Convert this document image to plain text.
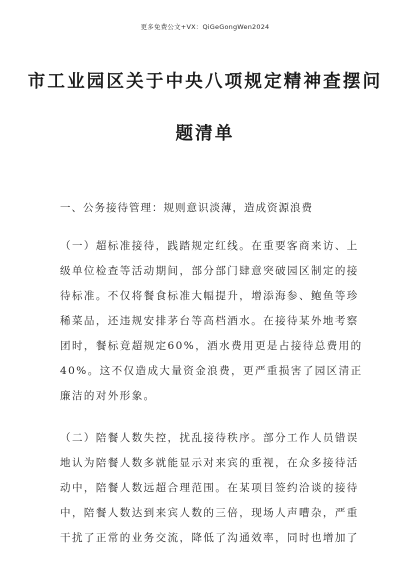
更多免费公文+VX：QiGeGongWen2024
市工业园区关于中央八项规定精神查摆问
题清单
一、公务接待管理：规则意识淡薄，造成资源浪费
（一）超标准接待，践踏规定红线。在重要客商来访、上
级单位检查等活动期间，部分部门肆意突破园区制定的接
待标准。不仅将餐食标准大幅提升，增添海参、鲍鱼等珍
稀菜品，还违规安排茅台等高档酒水。在接待某外地考察
团时，餐标竟超规定60%，酒水费用更是占接待总费用的
40%。这不仅造成大量资金浪费，更严重损害了园区清正
廉洁的对外形象。
（二）陪餐人数失控，扰乱接待秩序。部分工作人员错误
地认为陪餐人数多就能显示对来宾的重视，在众多接待活
动中，陪餐人数远超合理范围。在某项目签约洽谈的接待
中，陪餐人数达到来宾人数的三倍，现场人声嘈杂，严重
干扰了正常的业务交流，降低了沟通效率，同时也增加了
